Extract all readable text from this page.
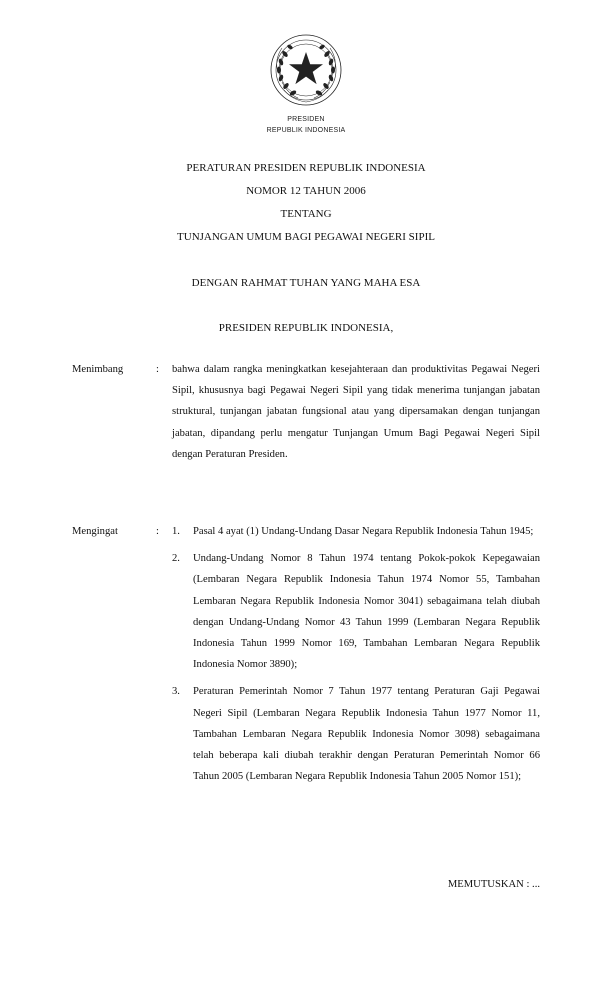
PRESIDEN
REPUBLIK INDONESIA
PERATURAN PRESIDEN REPUBLIK INDONESIA
NOMOR 12 TAHUN 2006
TENTANG
TUNJANGAN UMUM BAGI PEGAWAI NEGERI SIPIL
DENGAN RAHMAT TUHAN YANG MAHA ESA
PRESIDEN REPUBLIK INDONESIA,
Menimbang	: bahwa dalam rangka meningkatkan kesejahteraan dan produktivitas Pegawai Negeri Sipil, khususnya bagi Pegawai Negeri Sipil yang tidak menerima tunjangan jabatan struktural, tunjangan jabatan fungsional atau yang dipersamakan dengan tunjangan jabatan, dipandang perlu mengatur Tunjangan Umum Bagi Pegawai Negeri Sipil dengan Peraturan Presiden.
Mengingat	: 1. Pasal 4 ayat (1) Undang-Undang Dasar Negara Republik Indonesia Tahun 1945;
2. Undang-Undang Nomor 8 Tahun 1974 tentang Pokok-pokok Kepegawaian (Lembaran Negara Republik Indonesia Tahun 1974 Nomor 55, Tambahan Lembaran Negara Republik Indonesia Nomor 3041) sebagaimana telah diubah dengan Undang-Undang Nomor 43 Tahun 1999 (Lembaran Negara Republik Indonesia Tahun 1999 Nomor 169, Tambahan Lembaran Negara Republik Indonesia Nomor 3890);
3. Peraturan Pemerintah Nomor 7 Tahun 1977 tentang Peraturan Gaji Pegawai Negeri Sipil (Lembaran Negara Republik Indonesia Tahun 1977 Nomor 11, Tambahan Lembaran Negara Republik Indonesia Nomor 3098) sebagaimana telah beberapa kali diubah terakhir dengan Peraturan Pemerintah Nomor 66 Tahun 2005 (Lembaran Negara Republik Indonesia Tahun 2005 Nomor 151);
MEMUTUSKAN : ...
